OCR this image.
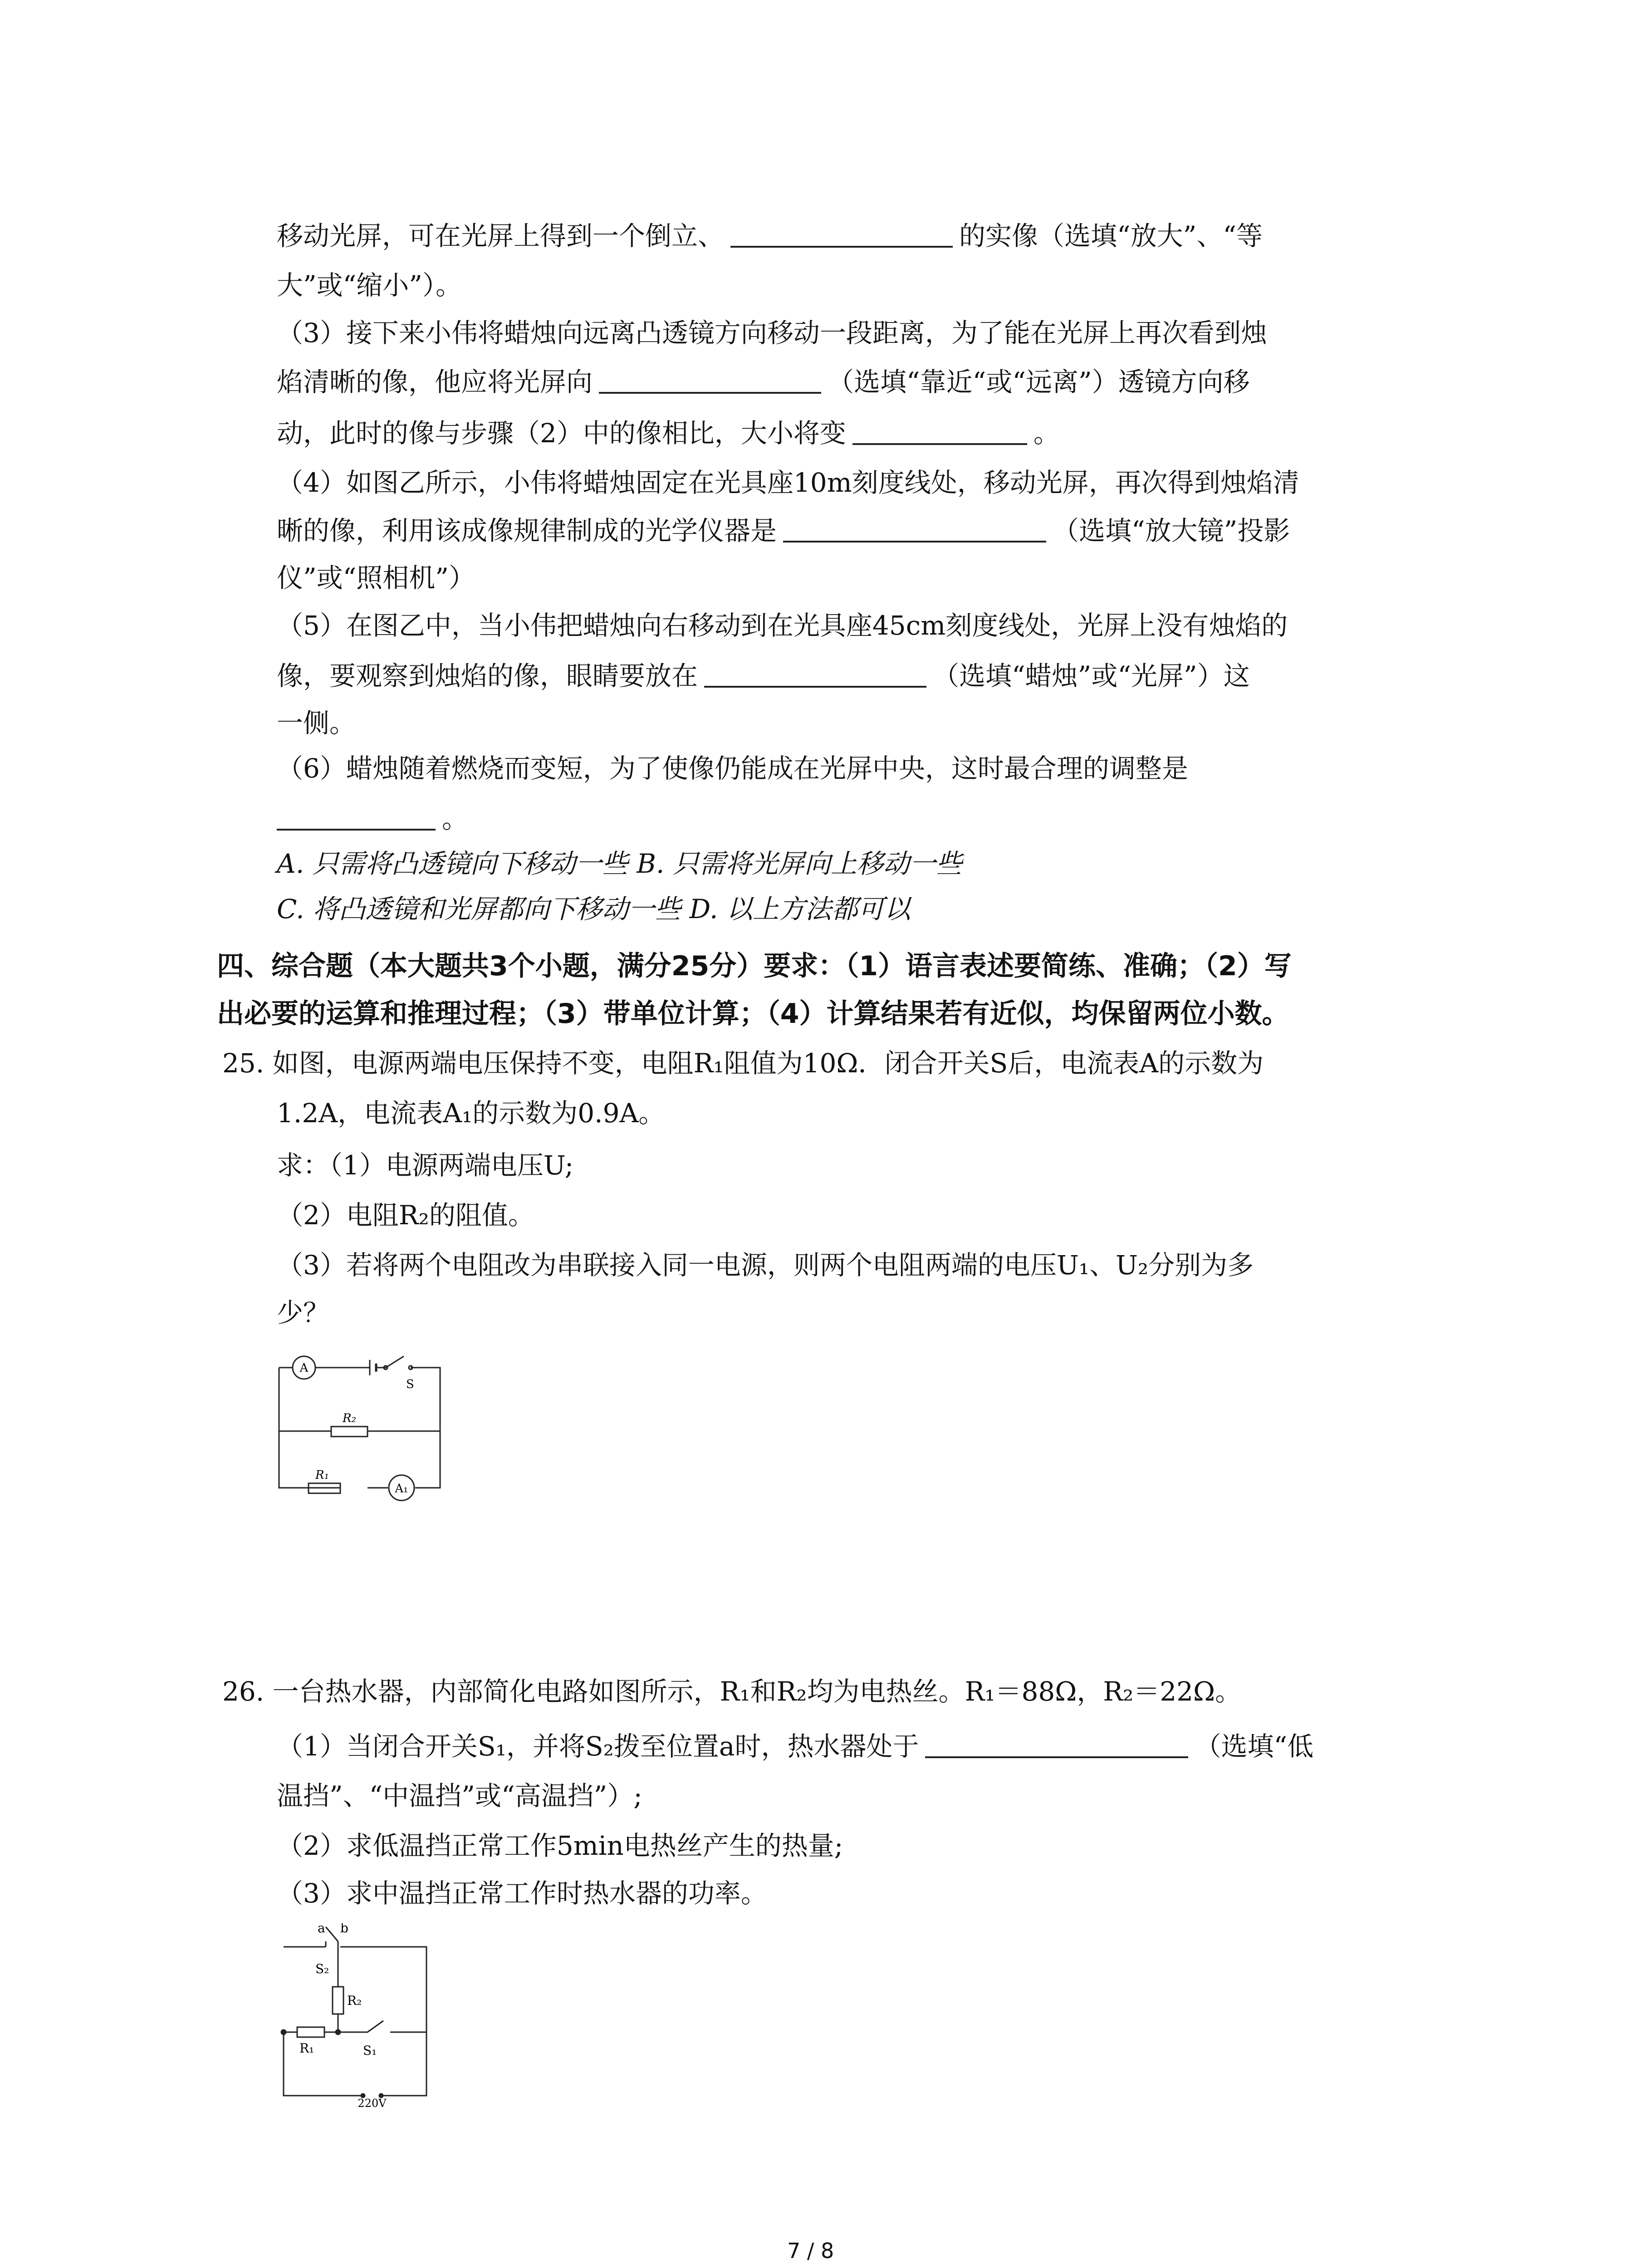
移动光屏，可在光屏上得到一个倒立、	的实像（选填“放大”、“等
大”或“缩小”）。
（3）接下来小伟将蜡烛向远离凸透镜方向移动一段距离，为了能在光屏上再次看到烛
焰清晰的像，他应将光屏向	（选填“靠近“或“远离”）透镜方向移
动，此时的像与步骤（2）中的像相比，大小将变	。
（4）如图乙所示，小伟将蜡烛固定在光具座10m刻度线处，移动光屏，再次得到烛焰清
晰的像，利用该成像规律制成的光学仪器是	（选填“放大镜”投影
仪”或“照相机”）
（5）在图乙中，当小伟把蜡烛向右移动到在光具座45cm刻度线处，光屏上没有烛焰的
像，要观察到烛焰的像，眼睛要放在	（选填“蜡烛”或“光屏”）这
一侧。
（6）蜡烛随着燃烧而变短，为了使像仍能成在光屏中央，这时最合理的调整是
。
A. 只需将凸透镜向下移动一些 B. 只需将光屏向上移动一些
C. 将凸透镜和光屏都向下移动一些 D. 以上方法都可以
四、综合题（本大题共3个小题，满分25分）要求：（1）语言表述要简练、准确；（2）写
出必要的运算和推理过程；（3）带单位计算；（4）计算结果若有近似，均保留两位小数。
25. 如图，电源两端电压保持不变，电阻R₁阻值为10Ω．闭合开关S后，电流表A的示数为
1.2A，电流表A₁的示数为0.9A。
求：（1）电源两端电压U;
（2）电阻R₂的阻值。
（3）若将两个电阻改为串联接入同一电源，则两个电阻两端的电压U₁、U₂分别为多
少？
A
S
R₂
R₁
A₁
26. 一台热水器，内部简化电路如图所示，R₁和R₂均为电热丝。R₁＝88Ω，R₂＝22Ω。
（1）当闭合开关S₁，并将S₂拨至位置a时，热水器处于	（选填“低
温挡”、“中温挡”或“高温挡”）;
（2）求低温挡正常工作5min电热丝产生的热量;
（3）求中温挡正常工作时热水器的功率。
a b
S₂
R₂
R₁	S₁
220V
7 / 8
